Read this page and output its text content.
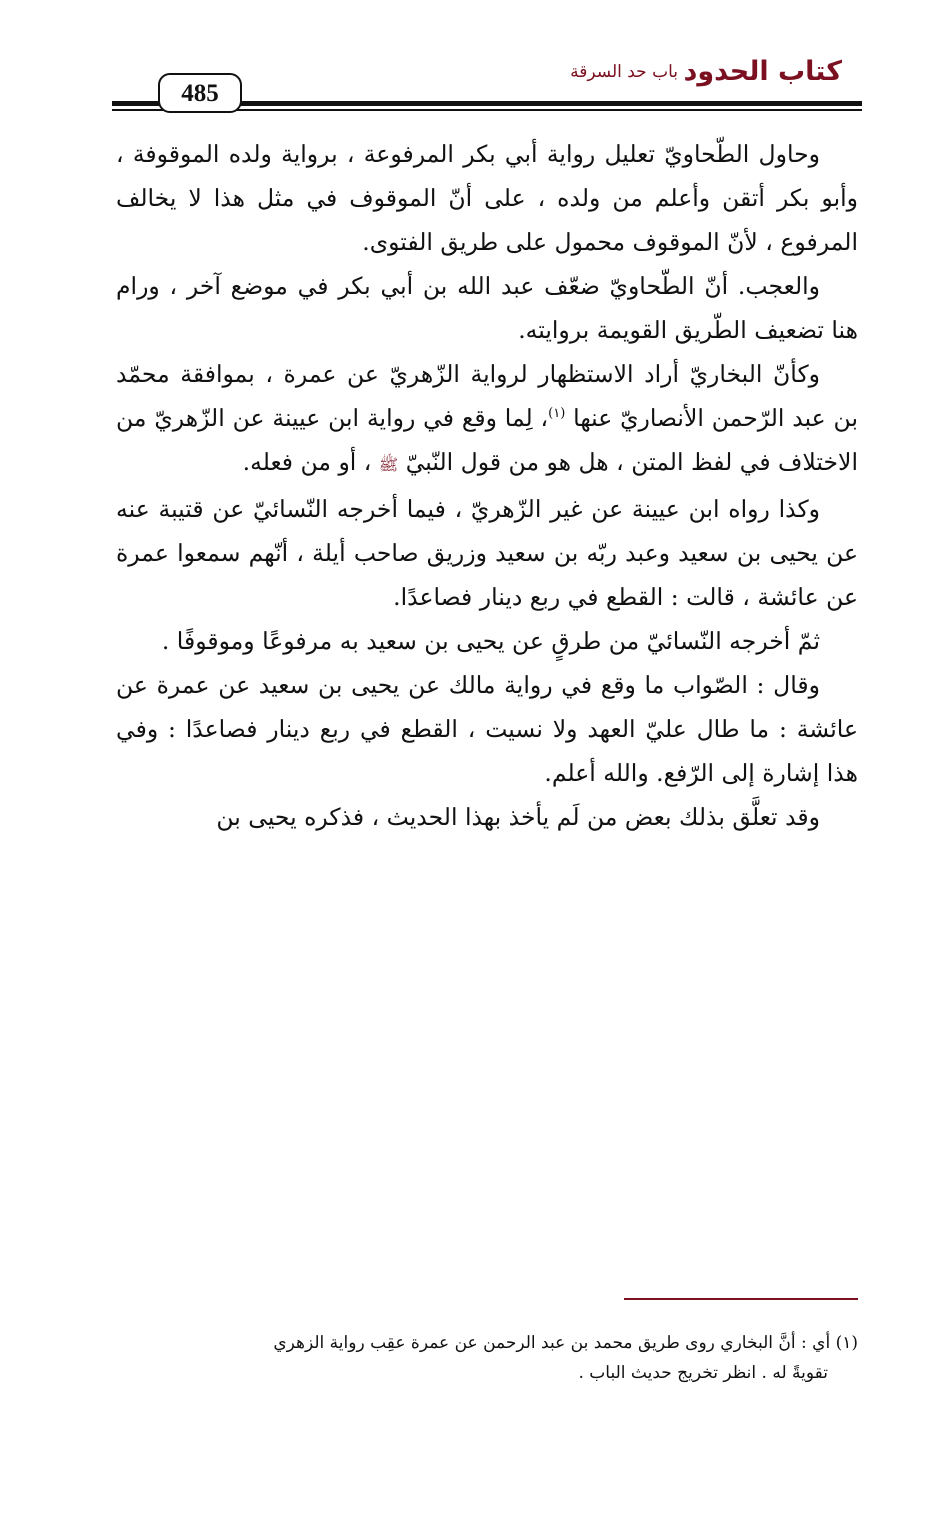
كتاب الحدود
باب حد السرقة
485

وحاول الطّحاويّ تعليل رواية أبي بكر المرفوعة ، برواية ولده الموقوفة ، وأبو بكر أتقن وأعلم من ولده ، على أنّ الموقوف في مثل هذا لا يخالف المرفوع ، لأنّ الموقوف محمول على طريق الفتوى.

والعجب. أنّ الطّحاويّ ضعّف عبد الله بن أبي بكر في موضع آخر ، ورام هنا تضعيف الطّريق القويمة بروايته.

وكأنّ البخاريّ أراد الاستظهار لرواية الزّهريّ عن عمرة ، بموافقة محمّد بن عبد الرّحمن الأنصاريّ عنها $^{(١)}$، لِما وقع في رواية ابن عيينة عن الزّهريّ من الاختلاف في لفظ المتن ، هل هو من قول النّبيّ ﷺ ، أو من فعله.

وكذا رواه ابن عيينة عن غير الزّهريّ ، فيما أخرجه النّسائيّ عن قتيبة عنه عن يحيى بن سعيد وعبد ربّه بن سعيد وزريق صاحب أيلة ، أنّهم سمعوا عمرة عن عائشة ، قالت : القطع في ربع دينار فصاعدًا.

ثمّ أخرجه النّسائيّ من طرقٍ عن يحيى بن سعيد به مرفوعًا وموقوفًا .

وقال : الصّواب ما وقع في رواية مالك عن يحيى بن سعيد عن عمرة عن عائشة : ما طال عليّ العهد ولا نسيت ، القطع في ربع دينار فصاعدًا : وفي هذا إشارة إلى الرّفع. والله أعلم.

وقد تعلَّق بذلك بعض من لَم يأخذ بهذا الحديث ، فذكره يحيى بن

(١) أي : أنَّ البخاري روى طريق محمد بن عبد الرحمن عن عمرة عقِب رواية الزهري

تقويةً له . انظر تخريج حديث الباب .
